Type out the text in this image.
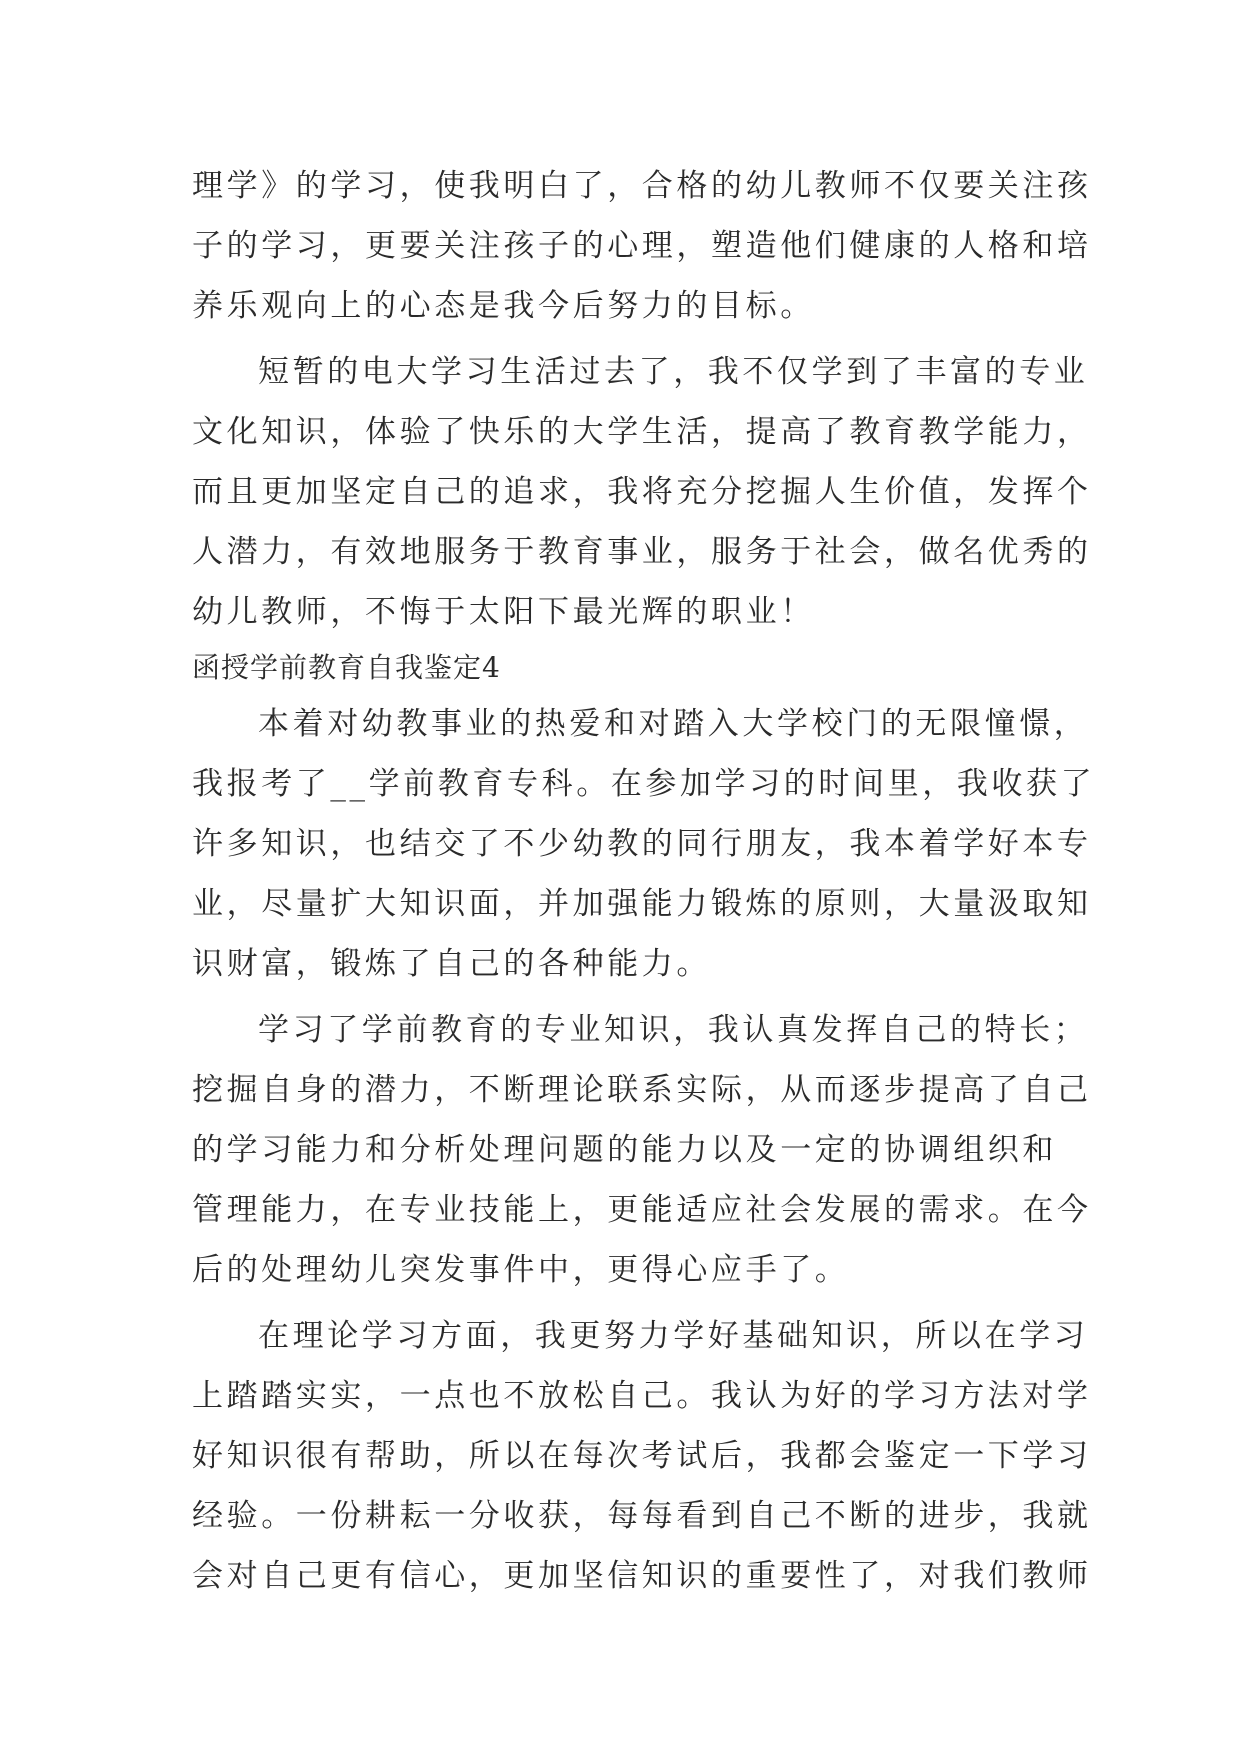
理学》的学习，使我明白了，合格的幼儿教师不仅要关注孩
子的学习，更要关注孩子的心理，塑造他们健康的人格和培
养乐观向上的心态是我今后努力的目标。
短暂的电大学习生活过去了，我不仅学到了丰富的专业
文化知识，体验了快乐的大学生活，提高了教育教学能力，
而且更加坚定自己的追求，我将充分挖掘人生价值，发挥个
人潜力，有效地服务于教育事业，服务于社会，做名优秀的
幼儿教师，不悔于太阳下最光辉的职业！
函授学前教育自我鉴定4
本着对幼教事业的热爱和对踏入大学校门的无限憧憬，
我报考了__学前教育专科。在参加学习的时间里，我收获了
许多知识，也结交了不少幼教的同行朋友，我本着学好本专
业，尽量扩大知识面，并加强能力锻炼的原则，大量汲取知
识财富，锻炼了自己的各种能力。
学习了学前教育的专业知识，我认真发挥自己的特长；
挖掘自身的潜力，不断理论联系实际，从而逐步提高了自己
的学习能力和分析处理问题的能力以及一定的协调组织和
管理能力，在专业技能上，更能适应社会发展的需求。在今
后的处理幼儿突发事件中，更得心应手了。
在理论学习方面，我更努力学好基础知识，所以在学习
上踏踏实实，一点也不放松自己。我认为好的学习方法对学
好知识很有帮助，所以在每次考试后，我都会鉴定一下学习
经验。一份耕耘一分收获，每每看到自己不断的进步，我就
会对自己更有信心，更加坚信知识的重要性了，对我们教师
